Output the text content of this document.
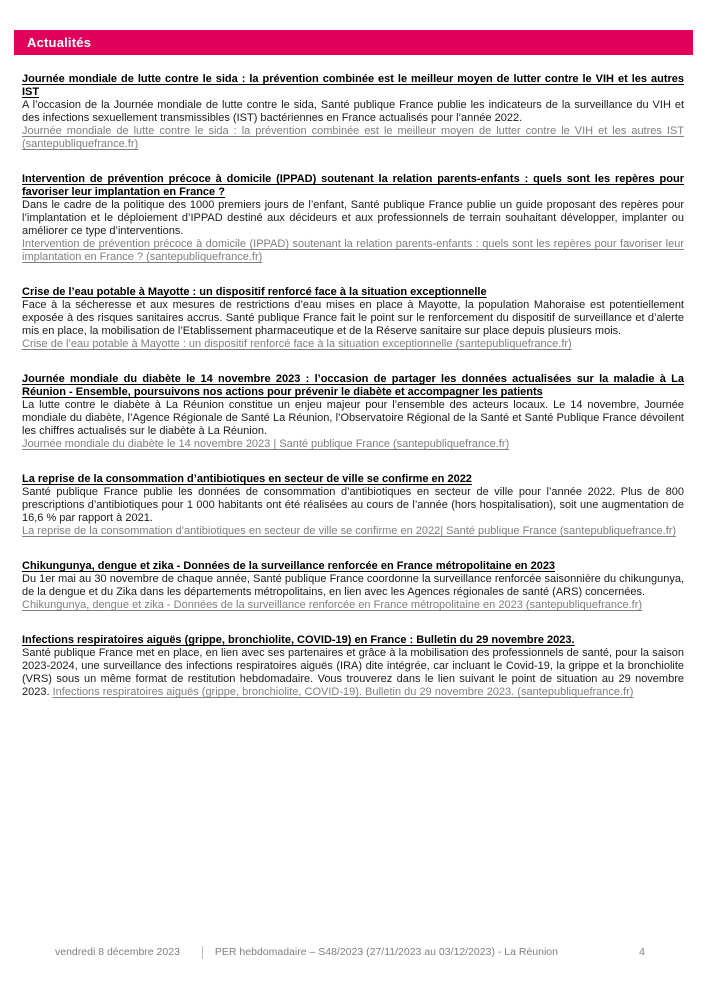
Actualités
Journée mondiale de lutte contre le sida : la prévention combinée est le meilleur moyen de lutter contre le VIH et les autres IST

A l’occasion de la Journée mondiale de lutte contre le sida, Santé publique France publie les indicateurs de la surveillance du VIH et des infections sexuellement transmissibles (IST) bactériennes en France actualisés pour l’année 2022.

Journée mondiale de lutte contre le sida : la prévention combinée est le meilleur moyen de lutter contre le VIH et les autres IST (santepubliquefrance.fr)

Intervention de prévention précoce à domicile (IPPAD) soutenant la relation parents-enfants : quels sont les repères pour favoriser leur implantation en France ?

Dans le cadre de la politique des 1000 premiers jours de l’enfant, Santé publique France publie un guide proposant des repères pour l’implantation et le déploiement d’IPPAD destiné aux décideurs et aux professionnels de terrain souhaitant développer, implanter ou améliorer ce type d’interventions.

Intervention de prévention précoce à domicile (IPPAD) soutenant la relation parents-enfants : quels sont les repères pour favoriser leur implantation en France ? (santepubliquefrance.fr)

Crise de l’eau potable à Mayotte : un dispositif renforcé face à la situation exceptionnelle

Face à la sécheresse et aux mesures de restrictions d’eau mises en place à Mayotte, la population Mahoraise est potentiellement exposée à des risques sanitaires accrus. Santé publique France fait le point sur le renforcement du dispositif de surveillance et d’alerte mis en place, la mobilisation de l’Etablissement pharmaceutique et de la Réserve sanitaire sur place depuis plusieurs mois.

Crise de l’eau potable à Mayotte : un dispositif renforcé face à la situation exceptionnelle (santepubliquefrance.fr)

Journée mondiale du diabète le 14 novembre 2023 : l’occasion de partager les données actualisées sur la maladie à La Réunion - Ensemble, poursuivons nos actions pour prévenir le diabète et accompagner les patients

La lutte contre le diabète à La Réunion constitue un enjeu majeur pour l’ensemble des acteurs locaux. Le 14 novembre, Journée mondiale du diabète, l’Agence Régionale de Santé La Réunion, l’Observatoire Régional de la Santé et Santé Publique France dévoilent les chiffres actualisés sur le diabète à La Réunion.

Journée mondiale du diabète le 14 novembre 2023 | Santé publique France (santepubliquefrance.fr)

La reprise de la consommation d’antibiotiques en secteur de ville se confirme en 2022

Santé publique France publie les données de consommation d’antibiotiques en secteur de ville pour l’année 2022. Plus de 800 prescriptions d’antibiotiques pour 1 000 habitants ont été réalisées au cours de l’année (hors hospitalisation), soit une augmentation de 16,6 % par rapport à 2021.

La reprise de la consommation d’antibiotiques en secteur de ville se confirme en 2022| Santé publique France (santepubliquefrance.fr)

Chikungunya, dengue et zika - Données de la surveillance renforcée en France métropolitaine en 2023

Du 1er mai au 30 novembre de chaque année, Santé publique France coordonne la surveillance renforcée saisonnière du chikungunya, de la dengue et du Zika dans les départements métropolitains, en lien avec les Agences régionales de santé (ARS) concernées.

Chikungunya, dengue et zika - Données de la surveillance renforcée en France métropolitaine en 2023 (santepubliquefrance.fr)

Infections respiratoires aiguës (grippe, bronchiolite, COVID-19) en France : Bulletin du 29 novembre 2023.

Santé publique France met en place, en lien avec ses partenaires et grâce à la mobilisation des professionnels de santé, pour la saison 2023-2024, une surveillance des infections respiratoires aiguës (IRA) dite intégrée, car incluant le Covid-19, la grippe et la bronchiolite (VRS) sous un même format de restitution hebdomadaire. Vous trouverez dans le lien suivant le point de situation au 29 novembre 2023. Infections respiratoires aiguës (grippe, bronchiolite, COVID-19). Bulletin du 29 novembre 2023. (santepubliquefrance.fr)

vendredi 8 décembre 2023	PER hebdomadaire – S48/2023 (27/11/2023 au 03/12/2023) - La Réunion	4
